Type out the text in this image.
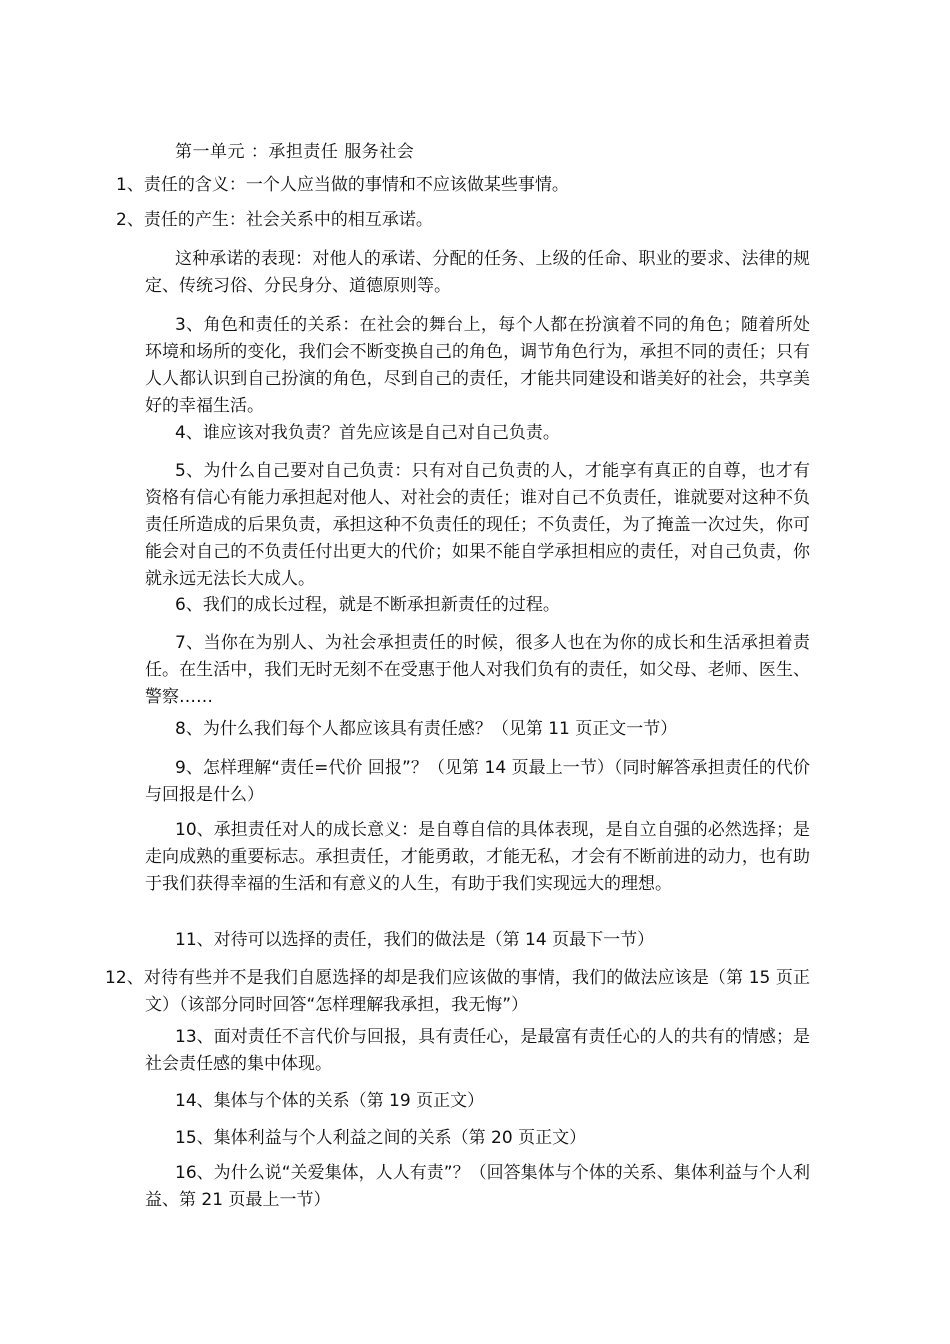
第一单元 ：承担责任 服务社会

1、责任的含义：一个人应当做的事情和不应该做某些事情。

2、责任的产生：社会关系中的相互承诺。

这种承诺的表现：对他人的承诺、分配的任务、上级的任命、职业的要求、法律的规定、传统习俗、分民身分、道德原则等。

3、角色和责任的关系：在社会的舞台上，每个人都在扮演着不同的角色；随着所处环境和场所的变化，我们会不断变换自己的角色，调节角色行为，承担不同的责任；只有人人都认识到自己扮演的角色，尽到自己的责任，才能共同建设和谐美好的社会，共享美好的幸福生活。

4、谁应该对我负责？首先应该是自己对自己负责。

5、为什么自己要对自己负责：只有对自己负责的人，才能享有真正的自尊，也才有资格有信心有能力承担起对他人、对社会的责任；谁对自己不负责任，谁就要对这种不负责任所造成的后果负责，承担这种不负责任的现任；不负责任，为了掩盖一次过失，你可能会对自己的不负责任付出更大的代价；如果不能自学承担相应的责任，对自己负责，你就永远无法长大成人。

6、我们的成长过程，就是不断承担新责任的过程。

7、当你在为别人、为社会承担责任的时候，很多人也在为你的成长和生活承担着责任。在生活中，我们无时无刻不在受惠于他人对我们负有的责任，如父母、老师、医生、警察……

8、为什么我们每个人都应该具有责任感？（见第 11 页正文一节）

9、怎样理解“责任=代价 回报”？（见第 14 页最上一节）（同时解答承担责任的代价与回报是什么）

10、承担责任对人的成长意义：是自尊自信的具体表现，是自立自强的必然选择；是走向成熟的重要标志。承担责任，才能勇敢，才能无私，才会有不断前进的动力，也有助于我们获得幸福的生活和有意义的人生，有助于我们实现远大的理想。

11、对待可以选择的责任，我们的做法是（第 14 页最下一节）

12、对待有些并不是我们自愿选择的却是我们应该做的事情，我们的做法应该是（第 15 页正文）（该部分同时回答“怎样理解我承担，我无悔”）

13、面对责任不言代价与回报，具有责任心，是最富有责任心的人的共有的情感；是社会责任感的集中体现。

14、集体与个体的关系（第 19 页正文）

15、集体利益与个人利益之间的关系（第 20 页正文）

16、为什么说“关爱集体，人人有责”？（回答集体与个体的关系、集体利益与个人利益、第 21 页最上一节）
